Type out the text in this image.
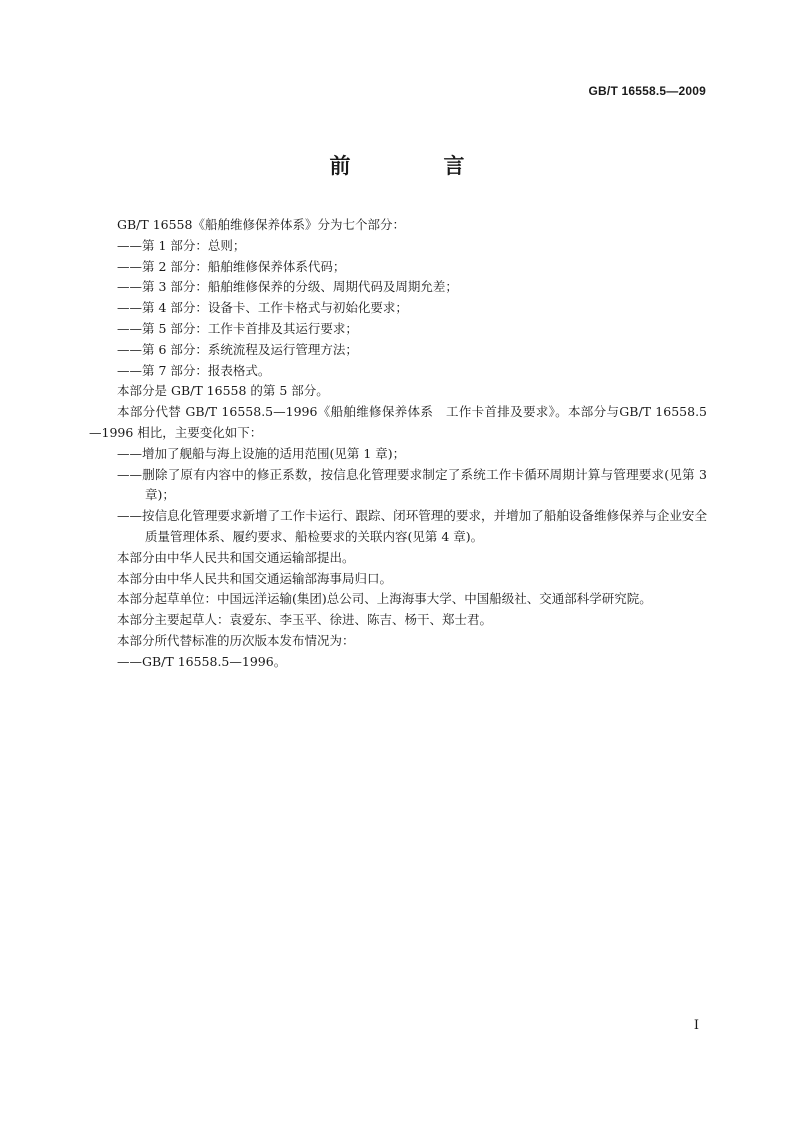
GB/T 16558.5—2009
前　言

GB/T 16558《船舶维修保养体系》分为七个部分：

——第 1 部分：总则；

——第 2 部分：船舶维修保养体系代码；

——第 3 部分：船舶维修保养的分级、周期代码及周期允差；

——第 4 部分：设备卡、工作卡格式与初始化要求；

——第 5 部分：工作卡首排及其运行要求；

——第 6 部分：系统流程及运行管理方法；

——第 7 部分：报表格式。

本部分是 GB/T 16558 的第 5 部分。

本部分代替 GB/T 16558.5—1996《船舶维修保养体系　工作卡首排及要求》。本部分与GB/T 16558.5—1996 相比，主要变化如下：

——增加了舰船与海上设施的适用范围(见第 1 章)；

——删除了原有内容中的修正系数，按信息化管理要求制定了系统工作卡循环周期计算与管理要求(见第 3 章)；

——按信息化管理要求新增了工作卡运行、跟踪、闭环管理的要求，并增加了船舶设备维修保养与企业安全质量管理体系、履约要求、船检要求的关联内容(见第 4 章)。

本部分由中华人民共和国交通运输部提出。

本部分由中华人民共和国交通运输部海事局归口。

本部分起草单位：中国远洋运输(集团)总公司、上海海事大学、中国船级社、交通部科学研究院。

本部分主要起草人：袁爱东、李玉平、徐进、陈吉、杨干、郑士君。

本部分所代替标准的历次版本发布情况为：

——GB/T 16558.5—1996。

I
